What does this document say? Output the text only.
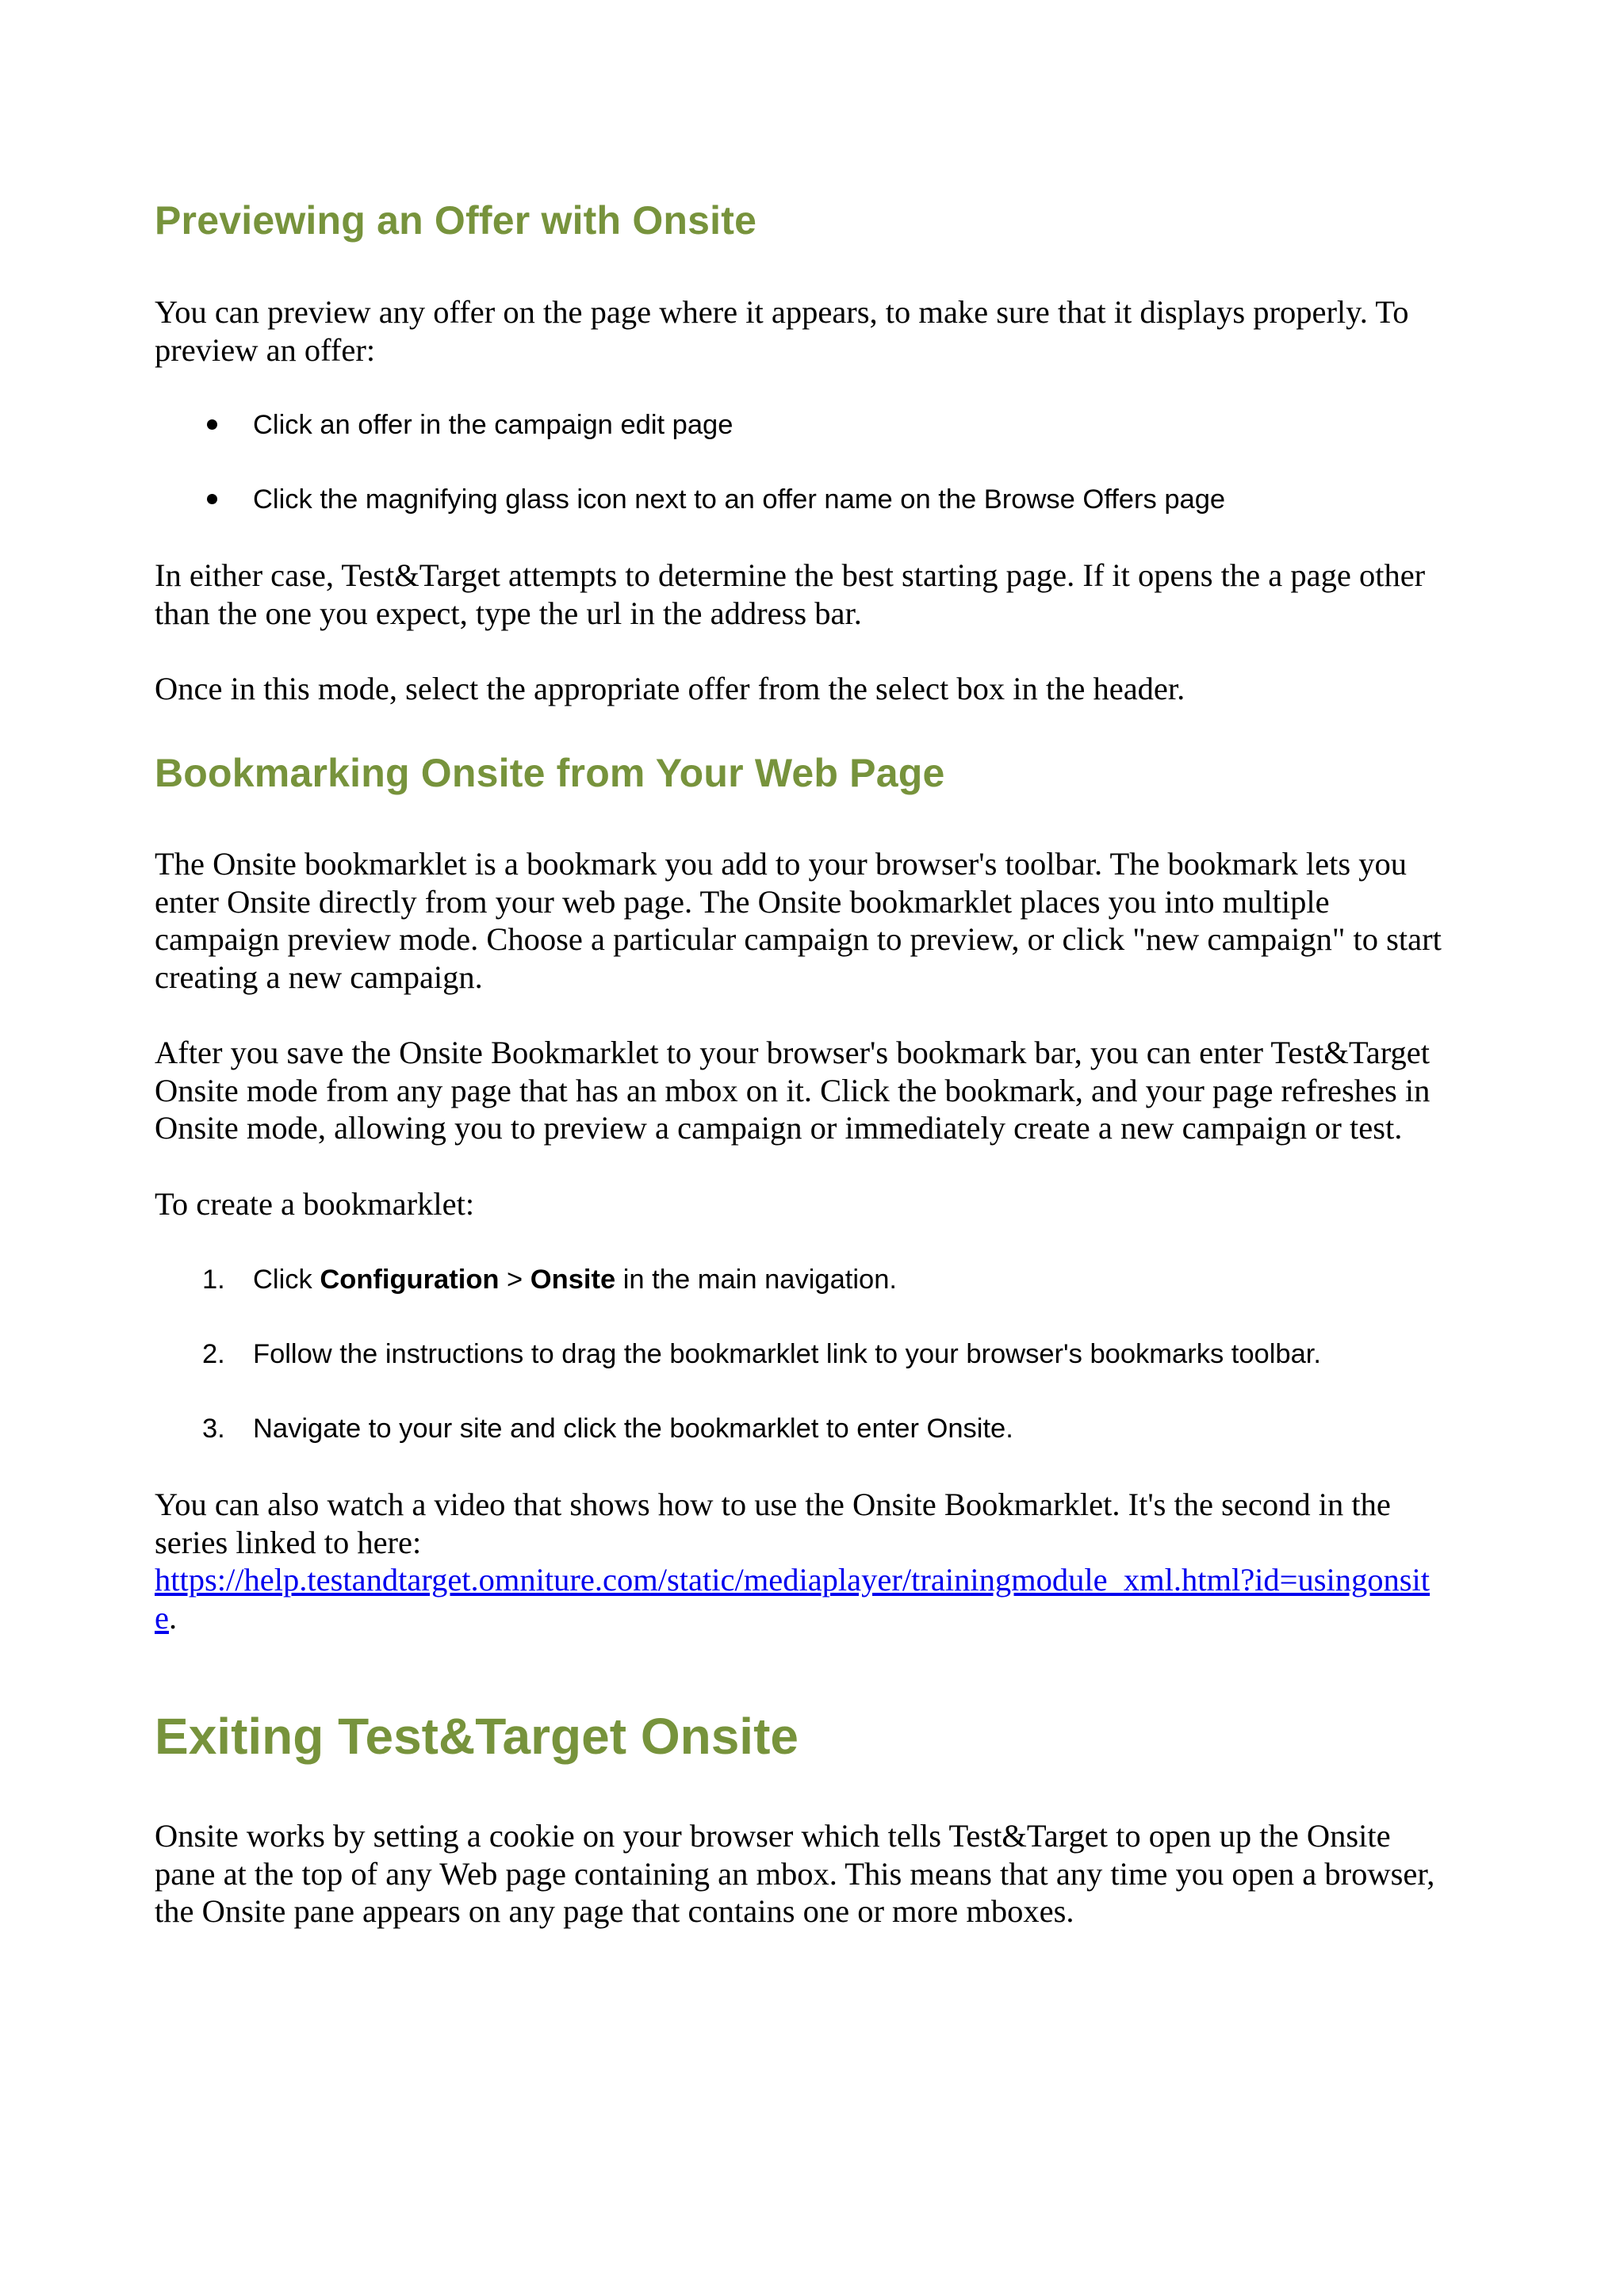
Previewing an Offer with Onsite
You can preview any offer on the page where it appears, to make sure that it displays properly. To
preview an offer:
Click an offer in the campaign edit page
Click the magnifying glass icon next to an offer name on the Browse Offers page
In either case, Test&Target attempts to determine the best starting page. If it opens the a page other
than the one you expect, type the url in the address bar.
Once in this mode, select the appropriate offer from the select box in the header.
Bookmarking Onsite from Your Web Page
The Onsite bookmarklet is a bookmark you add to your browser's toolbar. The bookmark lets you
enter Onsite directly from your web page. The Onsite bookmarklet places you into multiple
campaign preview mode. Choose a particular campaign to preview, or click "new campaign" to start
creating a new campaign.
After you save the Onsite Bookmarklet to your browser's bookmark bar, you can enter Test&Target
Onsite mode from any page that has an mbox on it. Click the bookmark, and your page refreshes in
Onsite mode, allowing you to preview a campaign or immediately create a new campaign or test.
To create a bookmarklet:
1. Click Configuration > Onsite in the main navigation.
2. Follow the instructions to drag the bookmarklet link to your browser's bookmarks toolbar.
3. Navigate to your site and click the bookmarklet to enter Onsite.
You can also watch a video that shows how to use the Onsite Bookmarklet. It's the second in the
series linked to here:
https://help.testandtarget.omniture.com/static/mediaplayer/trainingmodule_xml.html?id=usingonsit
e.
Exiting Test&Target Onsite
Onsite works by setting a cookie on your browser which tells Test&Target to open up the Onsite
pane at the top of any Web page containing an mbox. This means that any time you open a browser,
the Onsite pane appears on any page that contains one or more mboxes.
